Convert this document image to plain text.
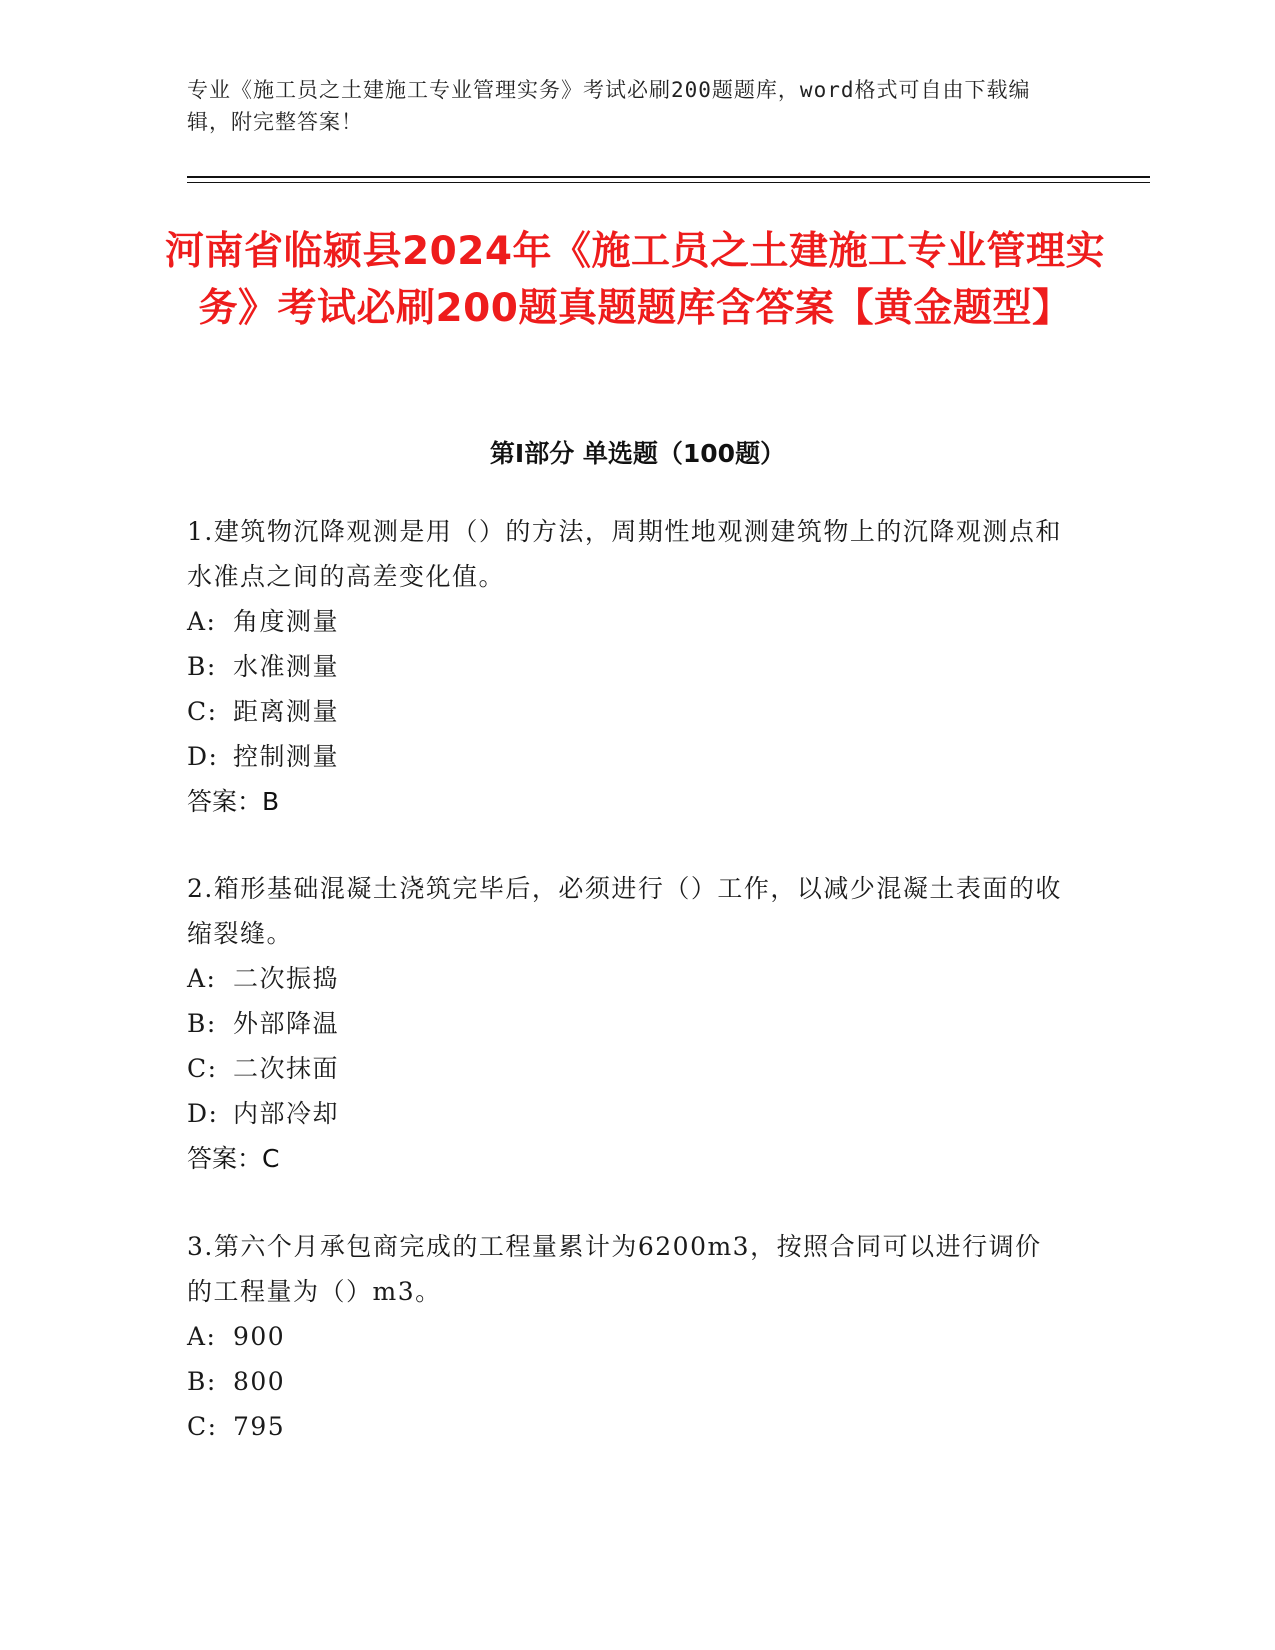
专业《施工员之土建施工专业管理实务》考试必刷200题题库，word格式可自由下载编辑，附完整答案！
河南省临颍县2024年《施工员之土建施工专业管理实务》考试必刷200题真题题库含答案【黄金题型】
第Ⅰ部分 单选题（100题）

1.建筑物沉降观测是用（）的方法，周期性地观测建筑物上的沉降观测点和水准点之间的高差变化值。

A: 角度测量

B: 水准测量

C: 距离测量

D: 控制测量

答案：B

2.箱形基础混凝土浇筑完毕后，必须进行（）工作，以减少混凝土表面的收缩裂缝。

A: 二次振捣

B: 外部降温

C: 二次抹面

D: 内部冷却

答案：C

3.第六个月承包商完成的工程量累计为6200m3，按照合同可以进行调价的工程量为（）m3。

A: 900

B: 800

C: 795
